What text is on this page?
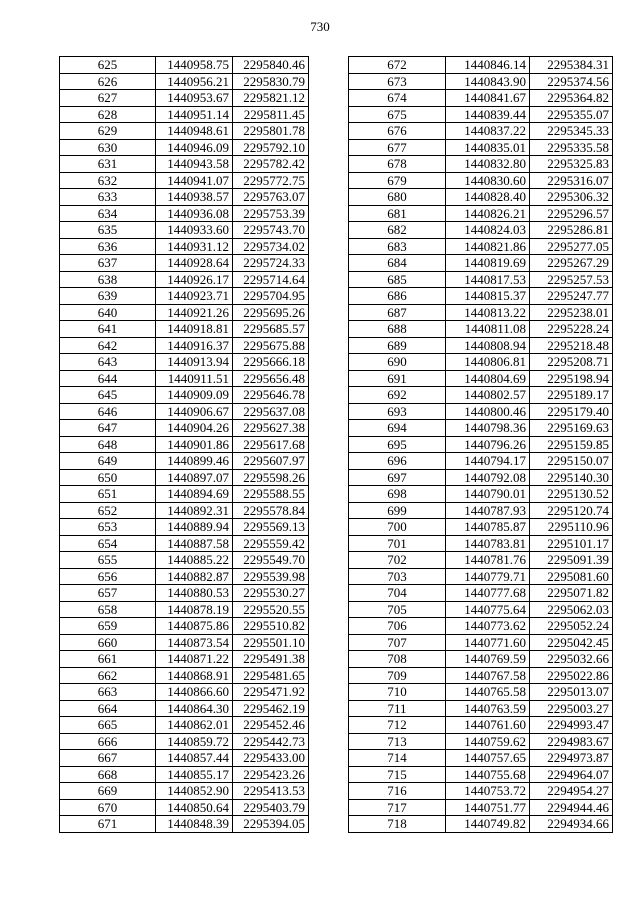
730
625	1440958.75	2295840.46
626	1440956.21	2295830.79
627	1440953.67	2295821.12
628	1440951.14	2295811.45
629	1440948.61	2295801.78
630	1440946.09	2295792.10
631	1440943.58	2295782.42
632	1440941.07	2295772.75
633	1440938.57	2295763.07
634	1440936.08	2295753.39
635	1440933.60	2295743.70
636	1440931.12	2295734.02
637	1440928.64	2295724.33
638	1440926.17	2295714.64
639	1440923.71	2295704.95
640	1440921.26	2295695.26
641	1440918.81	2295685.57
642	1440916.37	2295675.88
643	1440913.94	2295666.18
644	1440911.51	2295656.48
645	1440909.09	2295646.78
646	1440906.67	2295637.08
647	1440904.26	2295627.38
648	1440901.86	2295617.68
649	1440899.46	2295607.97
650	1440897.07	2295598.26
651	1440894.69	2295588.55
652	1440892.31	2295578.84
653	1440889.94	2295569.13
654	1440887.58	2295559.42
655	1440885.22	2295549.70
656	1440882.87	2295539.98
657	1440880.53	2295530.27
658	1440878.19	2295520.55
659	1440875.86	2295510.82
660	1440873.54	2295501.10
661	1440871.22	2295491.38
662	1440868.91	2295481.65
663	1440866.60	2295471.92
664	1440864.30	2295462.19
665	1440862.01	2295452.46
666	1440859.72	2295442.73
667	1440857.44	2295433.00
668	1440855.17	2295423.26
669	1440852.90	2295413.53
670	1440850.64	2295403.79
671	1440848.39	2295394.05
672	1440846.14	2295384.31
673	1440843.90	2295374.56
674	1440841.67	2295364.82
675	1440839.44	2295355.07
676	1440837.22	2295345.33
677	1440835.01	2295335.58
678	1440832.80	2295325.83
679	1440830.60	2295316.07
680	1440828.40	2295306.32
681	1440826.21	2295296.57
682	1440824.03	2295286.81
683	1440821.86	2295277.05
684	1440819.69	2295267.29
685	1440817.53	2295257.53
686	1440815.37	2295247.77
687	1440813.22	2295238.01
688	1440811.08	2295228.24
689	1440808.94	2295218.48
690	1440806.81	2295208.71
691	1440804.69	2295198.94
692	1440802.57	2295189.17
693	1440800.46	2295179.40
694	1440798.36	2295169.63
695	1440796.26	2295159.85
696	1440794.17	2295150.07
697	1440792.08	2295140.30
698	1440790.01	2295130.52
699	1440787.93	2295120.74
700	1440785.87	2295110.96
701	1440783.81	2295101.17
702	1440781.76	2295091.39
703	1440779.71	2295081.60
704	1440777.68	2295071.82
705	1440775.64	2295062.03
706	1440773.62	2295052.24
707	1440771.60	2295042.45
708	1440769.59	2295032.66
709	1440767.58	2295022.86
710	1440765.58	2295013.07
711	1440763.59	2295003.27
712	1440761.60	2294993.47
713	1440759.62	2294983.67
714	1440757.65	2294973.87
715	1440755.68	2294964.07
716	1440753.72	2294954.27
717	1440751.77	2294944.46
718	1440749.82	2294934.66
